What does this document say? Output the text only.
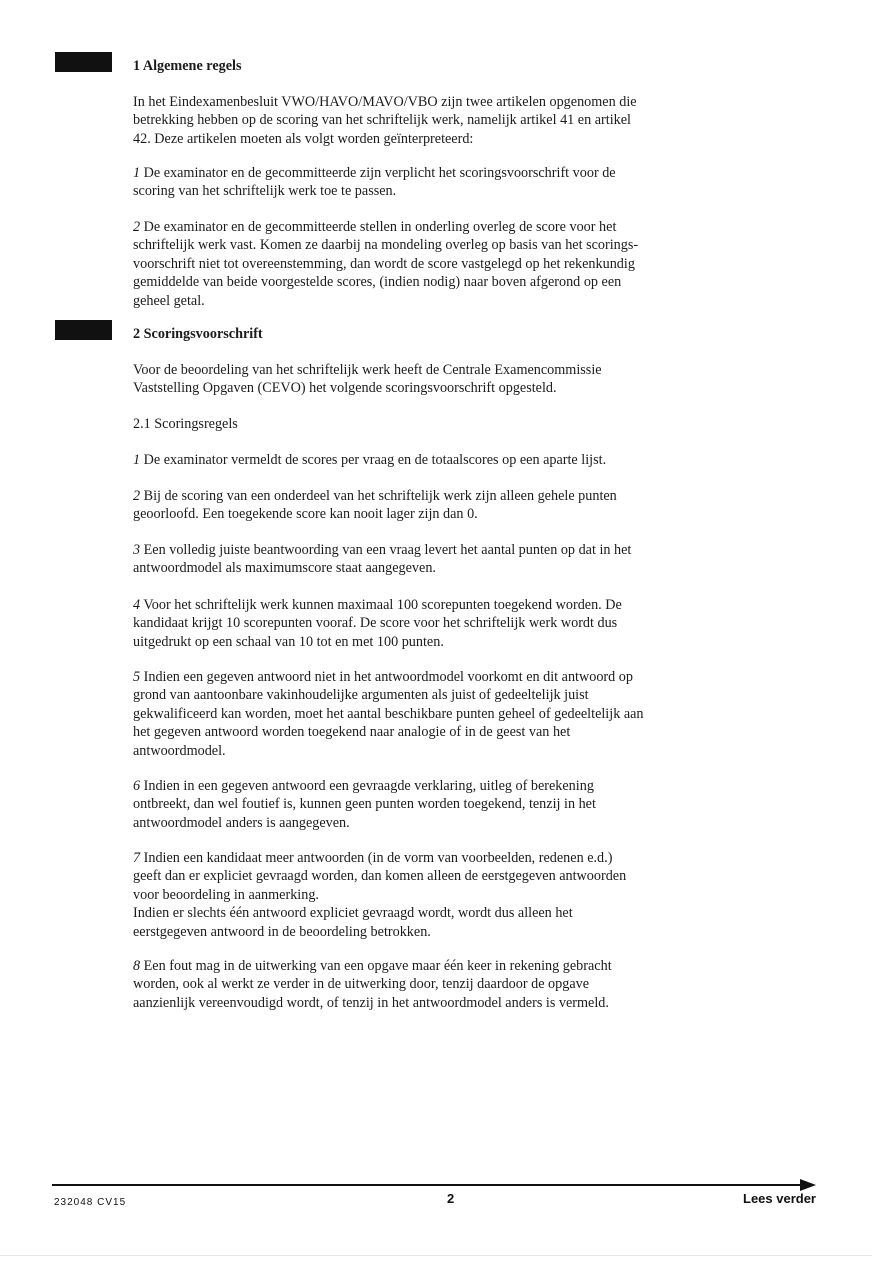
1 Algemene regels

In het Eindexamenbesluit VWO/HAVO/MAVO/VBO zijn twee artikelen opgenomen die

betrekking hebben op de scoring van het schriftelijk werk, namelijk artikel 41 en artikel

42. Deze artikelen moeten als volgt worden geïnterpreteerd:

1 De examinator en de gecommitteerde zijn verplicht het scoringsvoorschrift voor de

scoring van het schriftelijk werk toe te passen.

2 De examinator en de gecommitteerde stellen in onderling overleg de score voor het

schriftelijk werk vast. Komen ze daarbij na mondeling overleg op basis van het scorings-

voorschrift niet tot overeenstemming, dan wordt de score vastgelegd op het rekenkundig

gemiddelde van beide voorgestelde scores, (indien nodig) naar boven afgerond op een

geheel getal.

2 Scoringsvoorschrift

Voor de beoordeling van het schriftelijk werk heeft de Centrale Examencommissie

Vaststelling Opgaven (CEVO) het volgende scoringsvoorschrift opgesteld.

2.1 Scoringsregels

1 De examinator vermeldt de scores per vraag en de totaalscores op een aparte lijst.

2 Bij de scoring van een onderdeel van het schriftelijk werk zijn alleen gehele punten

geoorloofd. Een toegekende score kan nooit lager zijn dan 0.

3 Een volledig juiste beantwoording van een vraag levert het aantal punten op dat in het

antwoordmodel als maximumscore staat aangegeven.

4 Voor het schriftelijk werk kunnen maximaal 100 scorepunten toegekend worden. De

kandidaat krijgt 10 scorepunten vooraf. De score voor het schriftelijk werk wordt dus

uitgedrukt op een schaal van 10 tot en met 100 punten.

5 Indien een gegeven antwoord niet in het antwoordmodel voorkomt en dit antwoord op

grond van aantoonbare vakinhoudelijke argumenten als juist of gedeeltelijk juist

gekwalificeerd kan worden, moet het aantal beschikbare punten geheel of gedeeltelijk aan

het gegeven antwoord worden toegekend naar analogie of in de geest van het

antwoordmodel.

6 Indien in een gegeven antwoord een gevraagde verklaring, uitleg of berekening

ontbreekt, dan wel foutief is, kunnen geen punten worden toegekend, tenzij in het

antwoordmodel anders is aangegeven.

7 Indien een kandidaat meer antwoorden (in de vorm van voorbeelden, redenen e.d.)

geeft dan er expliciet gevraagd worden, dan komen alleen de eerstgegeven antwoorden

voor beoordeling in aanmerking.

Indien er slechts één antwoord expliciet gevraagd wordt, wordt dus alleen het

eerstgegeven antwoord in de beoordeling betrokken.

8 Een fout mag in de uitwerking van een opgave maar één keer in rekening gebracht

worden, ook al werkt ze verder in de uitwerking door, tenzij daardoor de opgave

aanzienlijk vereenvoudigd wordt, of tenzij in het antwoordmodel anders is vermeld.

232048 CV15	2	Lees verder
